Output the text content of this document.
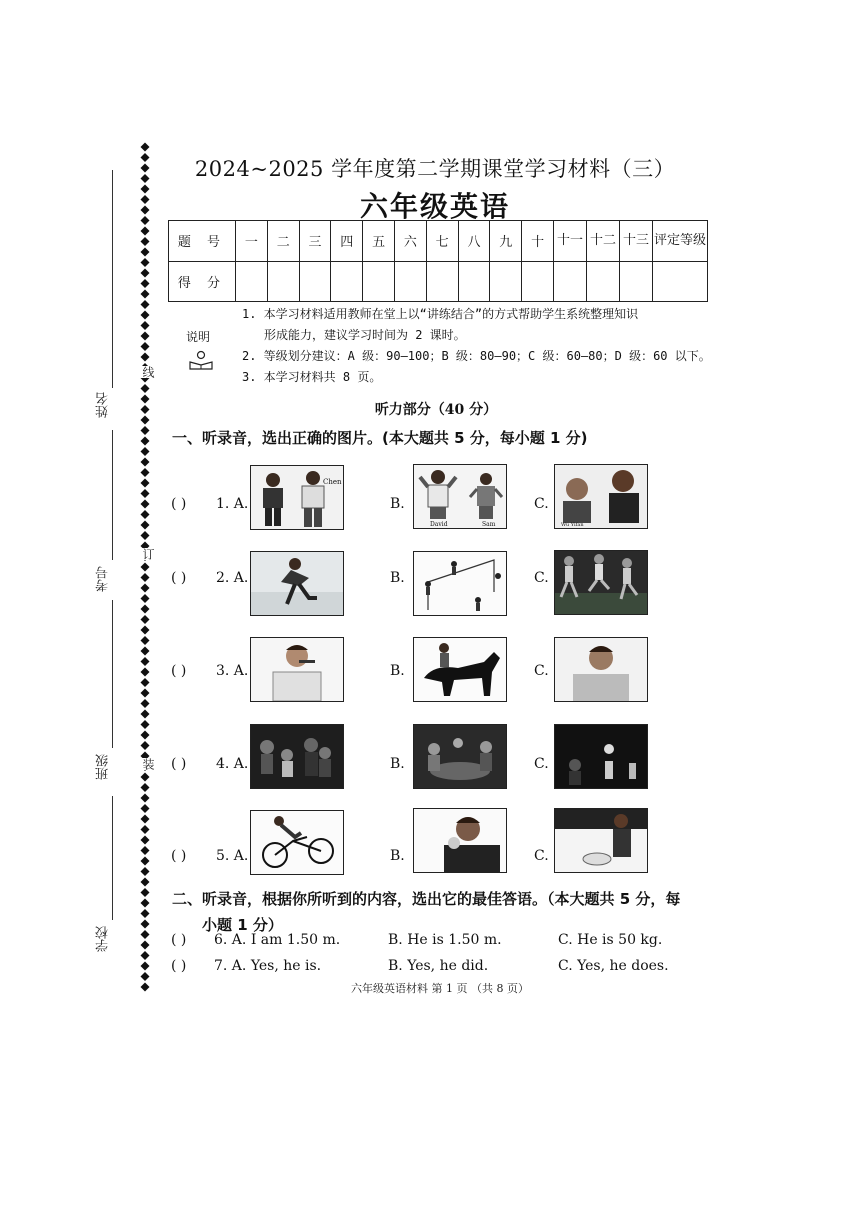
姓名
考号
班级
学校
线
订
装
2024~2025 学年度第二学期课堂学习材料（三）
六年级英语
题 号	一	二	三	四	五	六	七	八	九	十	十一	十二	十三	评定等级
得 分														
说明
1. 本学习材料适用教师在堂上以“讲练结合”的方式帮助学生系统整理知识
形成能力，建议学习时间为 2 课时。
2. 等级划分建议：A 级：90—100；B 级：80—90；C 级：60—80；D 级：60 以下。
3. 本学习材料共 8 页。
听力部分（40 分）
一、听录音，选出正确的图片。(本大题共 5 分，每小题 1 分)
( ) 1. A.
Chen
B.
David	Sam
C.
Wu Yifan
( ) 2. A.	B.	C.
( ) 3. A.	B.	C.
( ) 4. A.	B.	C.
( ) 5. A.	B.	C.
二、听录音，根据你所听到的内容，选出它的最佳答语。（本大题共 5 分，每
小题 1 分）
( ) 6. A. I am 1.50 m.	B. He is 1.50 m.	C. He is 50 kg.
( ) 7. A. Yes, he is.	B. Yes, he did.	C. Yes, he does.
六年级英语材料 第 1 页 （共 8 页）
